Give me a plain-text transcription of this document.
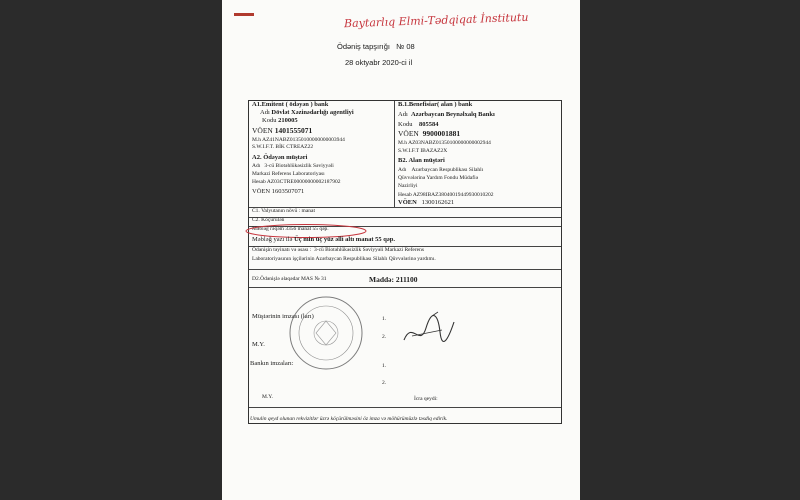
Baytarlıq Elmi-Tədqiqat İnstitutu
Ödəniş tapşırığı № 08
28 oktyabr 2020-ci il
A1.Emitent ( ödəyən ) bank
Adı Dövlət Xəzinədarlığı agentliyi
Kodu 210005
VÖEN 1401555071
M.h AZ41NABZ01350100000000003944
S.W.I.F.T. BİK CTREAZ22
A2. Ödəyən müştəri
Adı 3-cü Biotəhlükəsizlik Səviyyəli
Markazi Referens Laboratoriyası
Hesab AZ03CTRE00000000002187902
VÖEN 1603507071
B.1.Benefisiar( alan ) bank
Adı Azərbaycan Beynəlxalq Bankı
Kodu 805584
VÖEN 9900001881
M.h AZ03NABZ01350100000000002944
S.W.I.F.T IBAZAZ2X
B2. Alan müştəri
Adı Azərbaycan Respublikası Silahlı
Qüvvələrinə Yardım Fondu Müdafiə
Nazirliyi
Hesab AZ98IBAZ38040019449930010202
VÖEN 1300162621
C1. Valyutanın növü : manat
C2. Köçürülən
Məbləğ rəqəm 3356 manat 55 qəp.
Məbləğ yazı ilə Üç min üç yüz əlli altı manat 55 qəp.
Ödənişin təyinatı və əsası : 3-cü Biotəhlükəsizlik Səviyyəli Markazi Referens
Laboratoriyasının işçilərinin Azərbaycan Respublikası Silahlı Qüvvələrinə yardımı.
D2.Ödənişlə əlaqədar MAS № 31	Maddə: 211100
Müştərinin imzası (ları)	1.
2.
M.Y.
Bankın imzaları:	1.
2.
M.Y.	İcra qeydi:
Umulin qeyd olunan rekvizitlər üzrə köçürülməsini öz imza və möhürümüzlə təsdiq edirik.
